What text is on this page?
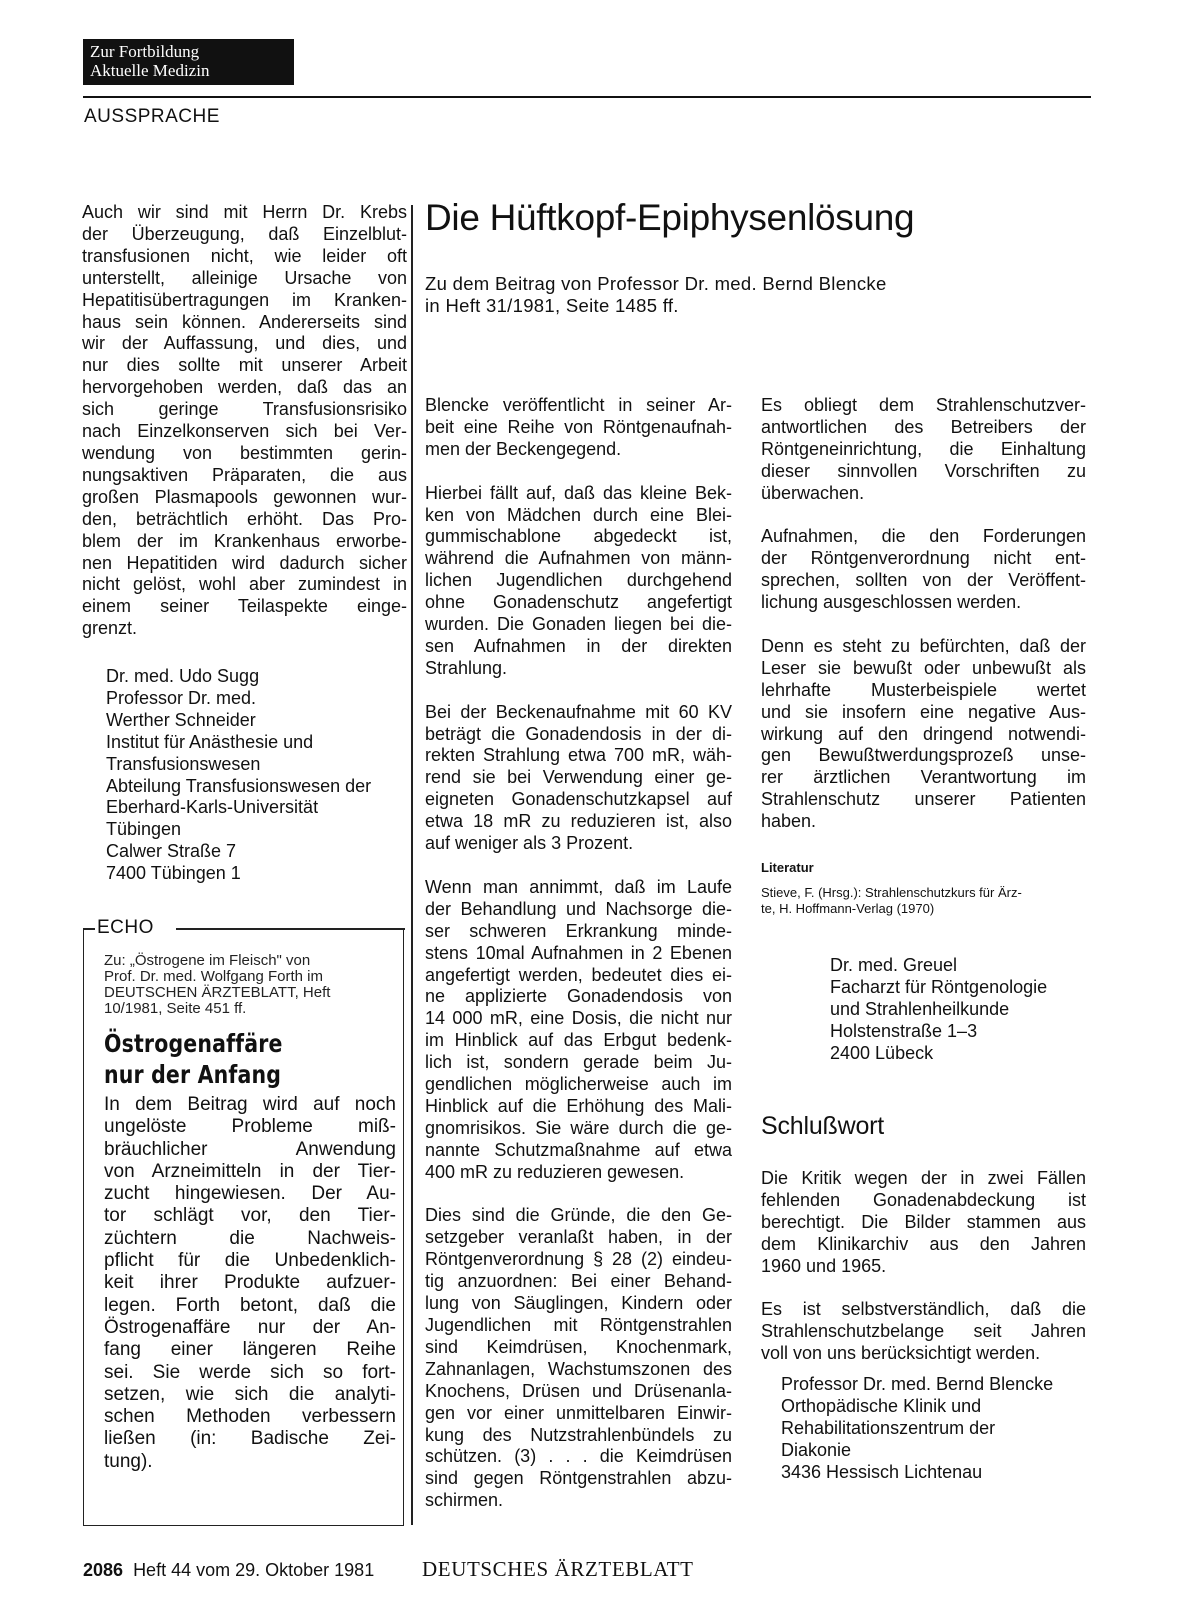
Zur Fortbildung
Aktuelle Medizin
AUSSPRACHE
Auch wir sind mit Herrn Dr. Krebs
der Überzeugung, daß Einzelblut-
transfusionen nicht, wie leider oft
unterstellt, alleinige Ursache von
Hepatitisübertragungen im Kranken-
haus sein können. Andererseits sind
wir der Auffassung, und dies, und
nur dies sollte mit unserer Arbeit
hervorgehoben werden, daß das an
sich geringe Transfusionsrisiko
nach Einzelkonserven sich bei Ver-
wendung von bestimmten gerin-
nungsaktiven Präparaten, die aus
großen Plasmapools gewonnen wur-
den, beträchtlich erhöht. Das Pro-
blem der im Krankenhaus erworbe-
nen Hepatitiden wird dadurch sicher
nicht gelöst, wohl aber zumindest in
einem seiner Teilaspekte einge-
grenzt.
Dr. med. Udo Sugg
Professor Dr. med.
Werther Schneider
Institut für Anästhesie und
Transfusionswesen
Abteilung Transfusionswesen der
Eberhard-Karls-Universität
Tübingen
Calwer Straße 7
7400 Tübingen 1
ECHO
Zu: „Östrogene im Fleisch" von
Prof. Dr. med. Wolfgang Forth im
DEUTSCHEN ÄRZTEBLATT, Heft
10/1981, Seite 451 ff.
Östrogenaffäre
nur der Anfang
In dem Beitrag wird auf noch
ungelöste Probleme miß-
bräuchlicher Anwendung
von Arzneimitteln in der Tier-
zucht hingewiesen. Der Au-
tor schlägt vor, den Tier-
züchtern die Nachweis-
pflicht für die Unbedenklich-
keit ihrer Produkte aufzuer-
legen. Forth betont, daß die
Östrogenaffäre nur der An-
fang einer längeren Reihe
sei. Sie werde sich so fort-
setzen, wie sich die analyti-
schen Methoden verbessern
ließen (in: Badische Zei-
tung).
Die Hüftkopf-Epiphysenlösung
Zu dem Beitrag von Professor Dr. med. Bernd Blencke
in Heft 31/1981, Seite 1485 ff.
Blencke veröffentlicht in seiner Ar-
beit eine Reihe von Röntgenaufnah-
men der Beckengegend.
Hierbei fällt auf, daß das kleine Bek-
ken von Mädchen durch eine Blei-
gummischablone abgedeckt ist,
während die Aufnahmen von männ-
lichen Jugendlichen durchgehend
ohne Gonadenschutz angefertigt
wurden. Die Gonaden liegen bei die-
sen Aufnahmen in der direkten
Strahlung.
Bei der Beckenaufnahme mit 60 KV
beträgt die Gonadendosis in der di-
rekten Strahlung etwa 700 mR, wäh-
rend sie bei Verwendung einer ge-
eigneten Gonadenschutzkapsel auf
etwa 18 mR zu reduzieren ist, also
auf weniger als 3 Prozent.
Wenn man annimmt, daß im Laufe
der Behandlung und Nachsorge die-
ser schweren Erkrankung minde-
stens 10mal Aufnahmen in 2 Ebenen
angefertigt werden, bedeutet dies ei-
ne applizierte Gonadendosis von
14 000 mR, eine Dosis, die nicht nur
im Hinblick auf das Erbgut bedenk-
lich ist, sondern gerade beim Ju-
gendlichen möglicherweise auch im
Hinblick auf die Erhöhung des Mali-
gnomrisikos. Sie wäre durch die ge-
nannte Schutzmaßnahme auf etwa
400 mR zu reduzieren gewesen.
Dies sind die Gründe, die den Ge-
setzgeber veranlaßt haben, in der
Röntgenverordnung § 28 (2) eindeu-
tig anzuordnen: Bei einer Behand-
lung von Säuglingen, Kindern oder
Jugendlichen mit Röntgenstrahlen
sind Keimdrüsen, Knochenmark,
Zahnanlagen, Wachstumszonen des
Knochens, Drüsen und Drüsenanla-
gen vor einer unmittelbaren Einwir-
kung des Nutzstrahlenbündels zu
schützen. (3) . . . die Keimdrüsen
sind gegen Röntgenstrahlen abzu-
schirmen.
Es obliegt dem Strahlenschutzver-
antwortlichen des Betreibers der
Röntgeneinrichtung, die Einhaltung
dieser sinnvollen Vorschriften zu
überwachen.
Aufnahmen, die den Forderungen
der Röntgenverordnung nicht ent-
sprechen, sollten von der Veröffent-
lichung ausgeschlossen werden.
Denn es steht zu befürchten, daß der
Leser sie bewußt oder unbewußt als
lehrhafte Musterbeispiele wertet
und sie insofern eine negative Aus-
wirkung auf den dringend notwendi-
gen Bewußtwerdungsprozeß unse-
rer ärztlichen Verantwortung im
Strahlenschutz unserer Patienten
haben.
Literatur
Stieve, F. (Hrsg.): Strahlenschutzkurs für Ärz-
te, H. Hoffmann-Verlag (1970)
Dr. med. Greuel
Facharzt für Röntgenologie
und Strahlenheilkunde
Holstenstraße 1–3
2400 Lübeck
Schlußwort
Die Kritik wegen der in zwei Fällen
fehlenden Gonadenabdeckung ist
berechtigt. Die Bilder stammen aus
dem Klinikarchiv aus den Jahren
1960 und 1965.
Es ist selbstverständlich, daß die
Strahlenschutzbelange seit Jahren
voll von uns berücksichtigt werden.
Professor Dr. med. Bernd Blencke
Orthopädische Klinik und
Rehabilitationszentrum der
Diakonie
3436 Hessisch Lichtenau
2086 Heft 44 vom 29. Oktober 1981 DEUTSCHES ÄRZTEBLATT
